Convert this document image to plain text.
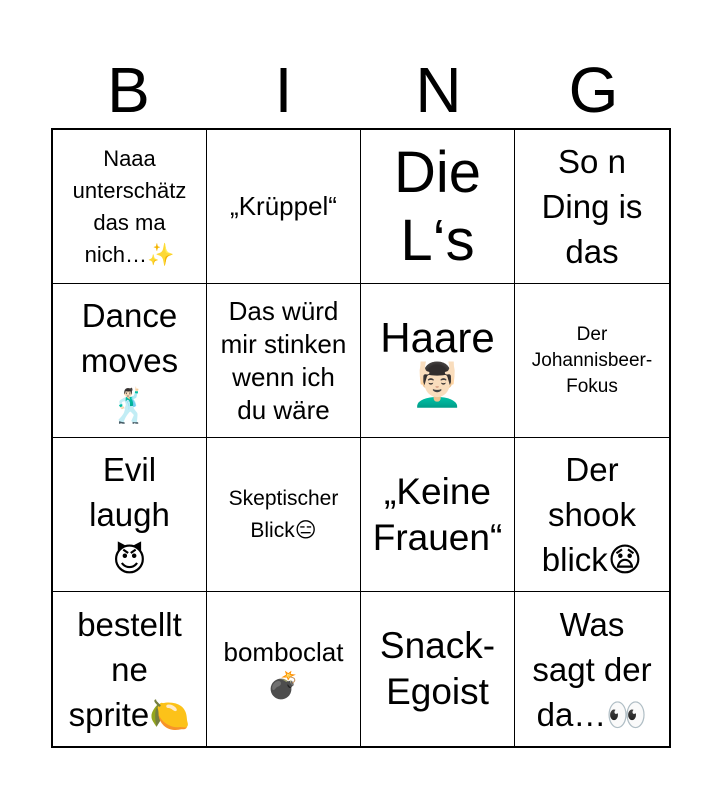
B	I	N	G
Naaa
unterschätz
das ma
nich…✨
„Krüppel“
Die
L‘s
So n
Ding is
das
Dance
moves
🕺🏻
Das würd
mir stinken
wenn ich
du wäre
Haare
💆🏻‍♂️
Der
Johannisbeer-
Fokus
Evil
laugh
😈
Skeptischer
Blick😑
„Keine
Frauen“
Der
shook
blick😧
bestellt
ne
sprite🍋
bomboclat
💣
Snack-
Egoist
Was
sagt der
da…👀
